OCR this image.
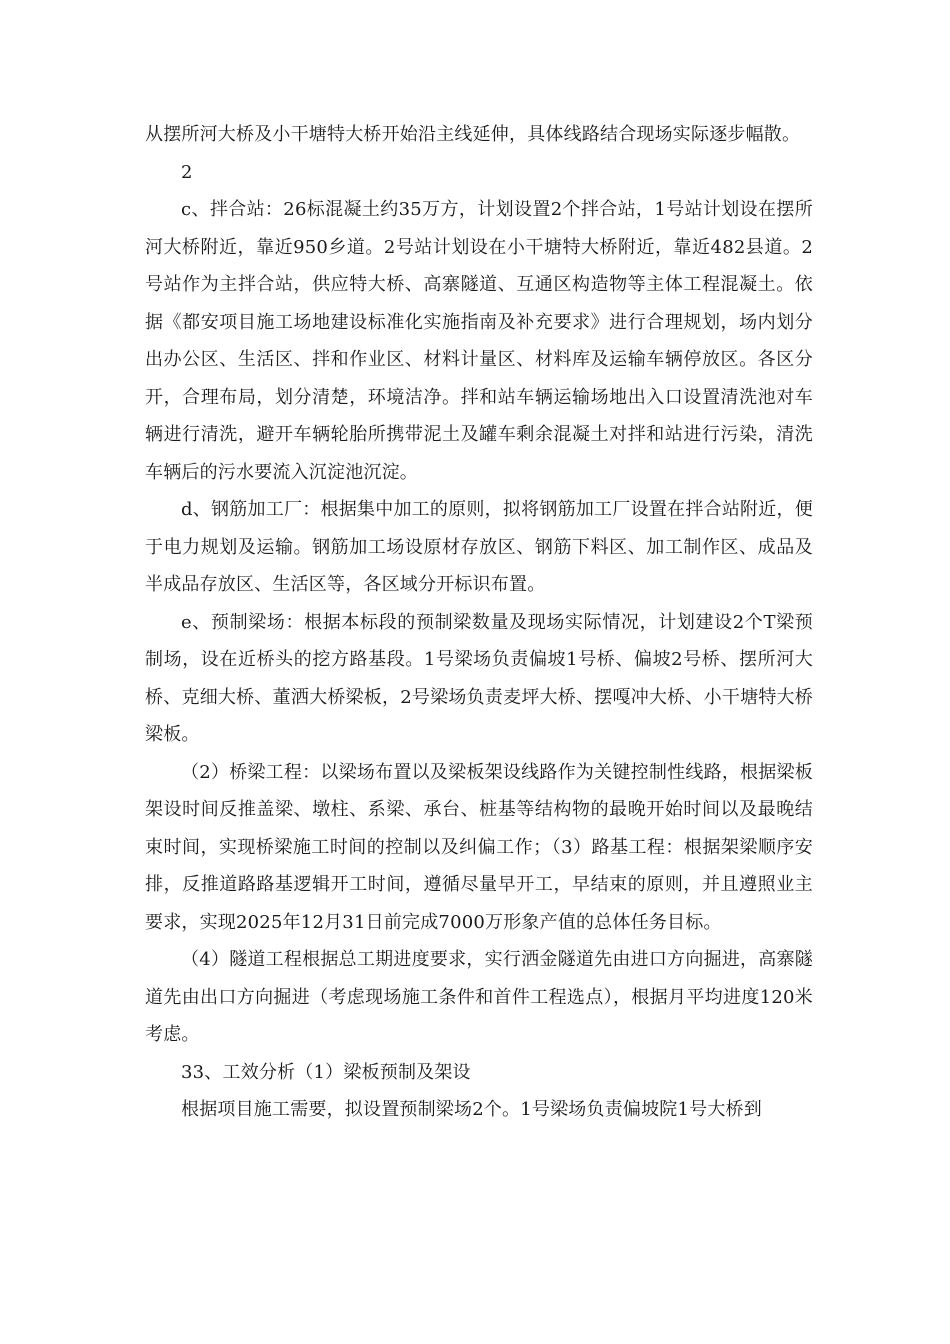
从摆所河大桥及小干塘特大桥开始沿主线延伸，具体线路结合现场实际逐步幅散。

2

c、拌合站：26标混凝土约35万方，计划设置2个拌合站，1号站计划设在摆所河大桥附近，靠近950乡道。2号站计划设在小干塘特大桥附近，靠近482县道。2号站作为主拌合站，供应特大桥、高寨隧道、互通区构造物等主体工程混凝土。依据《都安项目施工场地建设标准化实施指南及补充要求》进行合理规划，场内划分出办公区、生活区、拌和作业区、材料计量区、材料库及运输车辆停放区。各区分开，合理布局，划分清楚，环境洁净。拌和站车辆运输场地出入口设置清洗池对车辆进行清洗，避开车辆轮胎所携带泥土及罐车剩余混凝土对拌和站进行污染，清洗车辆后的污水要流入沉淀池沉淀。

d、钢筋加工厂：根据集中加工的原则，拟将钢筋加工厂设置在拌合站附近，便于电力规划及运输。钢筋加工场设原材存放区、钢筋下料区、加工制作区、成品及半成品存放区、生活区等，各区域分开标识布置。

e、预制梁场：根据本标段的预制梁数量及现场实际情况，计划建设2个T梁预制场，设在近桥头的挖方路基段。1号梁场负责偏坡1号桥、偏坡2号桥、摆所河大桥、克细大桥、董洒大桥梁板，2号梁场负责麦坪大桥、摆嘎冲大桥、小干塘特大桥梁板。

（2）桥梁工程：以梁场布置以及梁板架设线路作为关键控制性线路，根据梁板架设时间反推盖梁、墩柱、系梁、承台、桩基等结构物的最晚开始时间以及最晚结束时间，实现桥梁施工时间的控制以及纠偏工作；（3）路基工程：根据架梁顺序安排，反推道路路基逻辑开工时间，遵循尽量早开工，早结束的原则，并且遵照业主要求，实现2025年12月31日前完成7000万形象产值的总体任务目标。

（4）隧道工程根据总工期进度要求，实行洒金隧道先由进口方向掘进，高寨隧道先由出口方向掘进（考虑现场施工条件和首件工程选点），根据月平均进度120米考虑。

33、工效分析（1）梁板预制及架设

根据项目施工需要，拟设置预制梁场2个。1号梁场负责偏坡院1号大桥到
